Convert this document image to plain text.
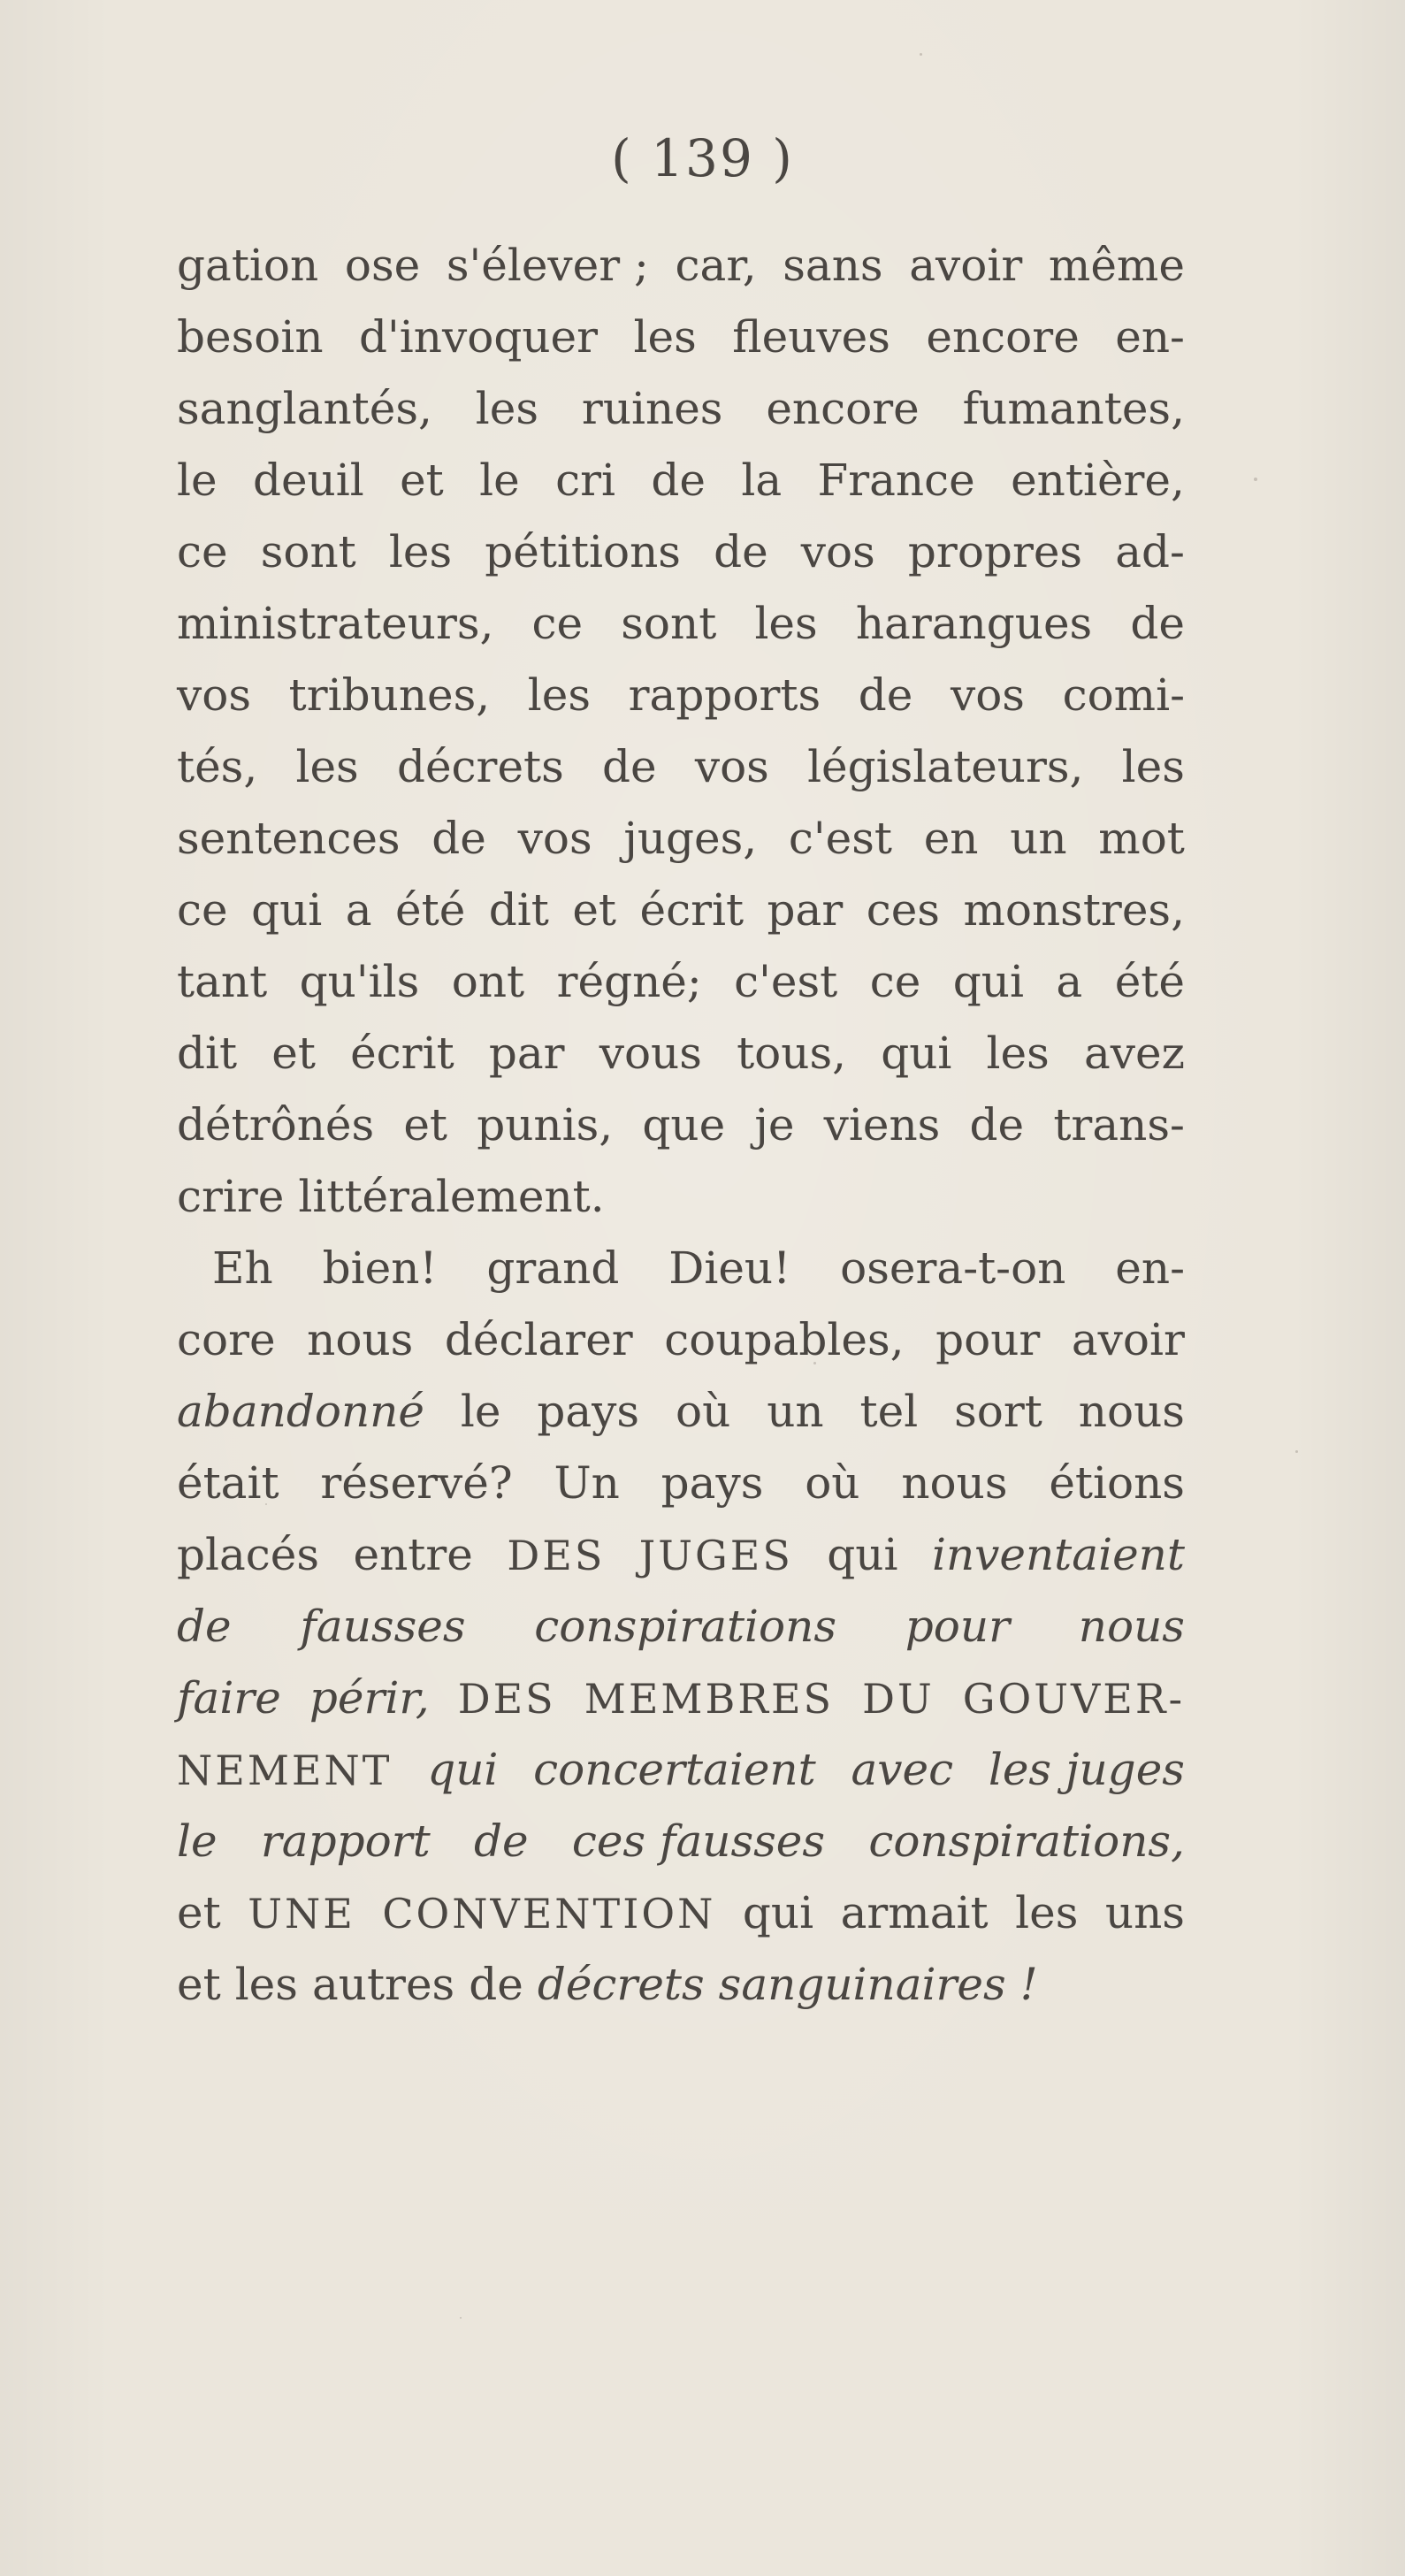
( 139 )
gation ose s'élever ; car, sans avoir même
besoin d'invoquer les fleuves encore en-
sanglantés, les ruines encore fumantes,
le deuil et le cri de la France entière,
ce sont les pétitions de vos propres ad-
ministrateurs, ce sont les harangues de
vos tribunes, les rapports de vos comi-
tés, les décrets de vos législateurs, les
sentences de vos juges, c'est en un mot
ce qui a été dit et écrit par ces monstres,
tant qu'ils ont régné; c'est ce qui a été
dit et écrit par vous tous, qui les avez
détrônés et punis, que je viens de trans-
crire littéralement.
Eh bien! grand Dieu! osera-t-on en-
core nous déclarer coupables, pour avoir
abandonné le pays où un tel sort nous
était réservé? Un pays où nous étions
placés entre DES JUGES qui inventaient
de fausses conspirations pour nous
faire périr, DES MEMBRES DU GOUVER-
NEMENT qui concertaient avec les juges
le rapport de ces fausses conspirations,
et UNE CONVENTION qui armait les uns
et les autres de décrets sanguinaires !
